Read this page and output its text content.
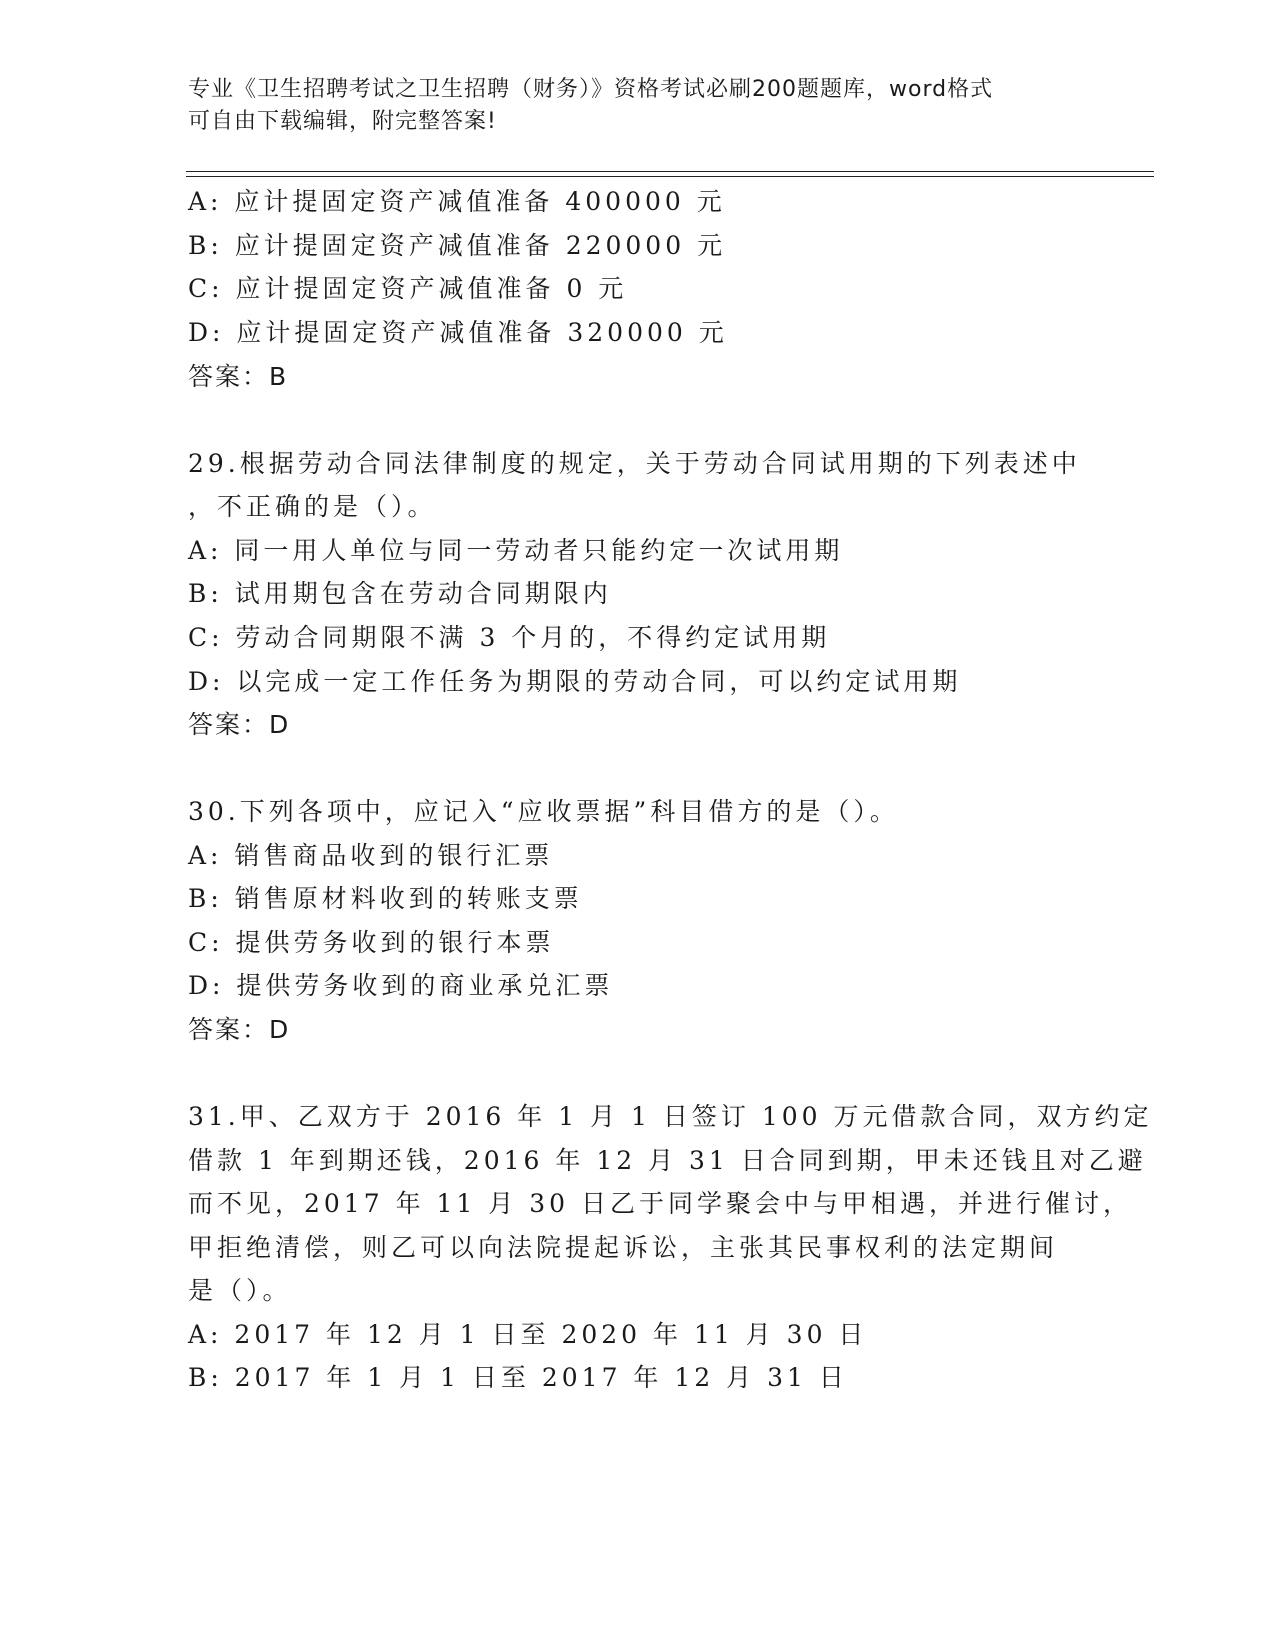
专业《卫生招聘考试之卫生招聘（财务）》资格考试必刷200题题库，word格式
可自由下载编辑，附完整答案!
A: 应计提固定资产减值准备 400000 元
B: 应计提固定资产减值准备 220000 元
C: 应计提固定资产减值准备 0 元
D: 应计提固定资产减值准备 320000 元
答案：B
29.根据劳动合同法律制度的规定，关于劳动合同试用期的下列表述中
，不正确的是（）。
A: 同一用人单位与同一劳动者只能约定一次试用期
B: 试用期包含在劳动合同期限内
C: 劳动合同期限不满 3 个月的，不得约定试用期
D: 以完成一定工作任务为期限的劳动合同，可以约定试用期
答案：D
30.下列各项中，应记入“应收票据”科目借方的是（）。
A: 销售商品收到的银行汇票
B: 销售原材料收到的转账支票
C: 提供劳务收到的银行本票
D: 提供劳务收到的商业承兑汇票
答案：D
31.甲、乙双方于 2016 年 1 月 1 日签订 100 万元借款合同，双方约定
借款 1 年到期还钱，2016 年 12 月 31 日合同到期，甲未还钱且对乙避
而不见，2017 年 11 月 30 日乙于同学聚会中与甲相遇，并进行催讨，
甲拒绝清偿，则乙可以向法院提起诉讼，主张其民事权利的法定期间
是（）。
A: 2017 年 12 月 1 日至 2020 年 11 月 30 日
B: 2017 年 1 月 1 日至 2017 年 12 月 31 日
